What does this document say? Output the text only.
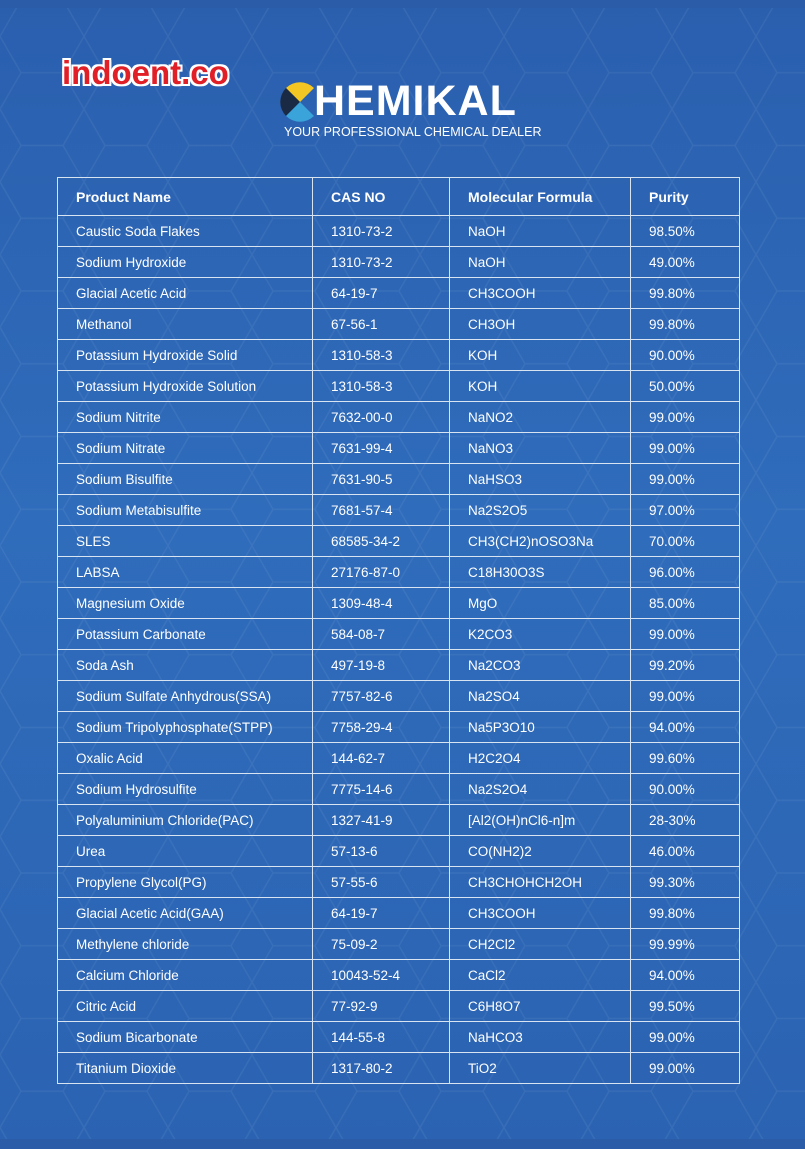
indoent.co
HEMIKAL
YOUR PROFESSIONAL CHEMICAL DEALER
Product Name	CAS NO	Molecular Formula	Purity
Caustic Soda Flakes	1310-73-2	NaOH	98.50%
Sodium Hydroxide	1310-73-2	NaOH	49.00%
Glacial Acetic Acid	64-19-7	CH3COOH	99.80%
Methanol	67-56-1	CH3OH	99.80%
Potassium Hydroxide Solid	1310-58-3	KOH	90.00%
Potassium Hydroxide Solution	1310-58-3	KOH	50.00%
Sodium Nitrite	7632-00-0	NaNO2	99.00%
Sodium Nitrate	7631-99-4	NaNO3	99.00%
Sodium Bisulfite	7631-90-5	NaHSO3	99.00%
Sodium Metabisulfite	7681-57-4	Na2S2O5	97.00%
SLES	68585-34-2	CH3(CH2)nOSO3Na	70.00%
LABSA	27176-87-0	C18H30O3S	96.00%
Magnesium Oxide	1309-48-4	MgO	85.00%
Potassium Carbonate	584-08-7	K2CO3	99.00%
Soda Ash	497-19-8	Na2CO3	99.20%
Sodium Sulfate Anhydrous(SSA)	7757-82-6	Na2SO4	99.00%
Sodium Tripolyphosphate(STPP)	7758-29-4	Na5P3O10	94.00%
Oxalic Acid	144-62-7	H2C2O4	99.60%
Sodium Hydrosulfite	7775-14-6	Na2S2O4	90.00%
Polyaluminium Chloride(PAC)	1327-41-9	[Al2(OH)nCl6-n]m	28-30%
Urea	57-13-6	CO(NH2)2	46.00%
Propylene Glycol(PG)	57-55-6	CH3CHOHCH2OH	99.30%
Glacial Acetic Acid(GAA)	64-19-7	CH3COOH	99.80%
Methylene chloride	75-09-2	CH2Cl2	99.99%
Calcium Chloride	10043-52-4	CaCl2	94.00%
Citric Acid	77-92-9	C6H8O7	99.50%
Sodium Bicarbonate	144-55-8	NaHCO3	99.00%
Titanium Dioxide	1317-80-2	TiO2	99.00%
